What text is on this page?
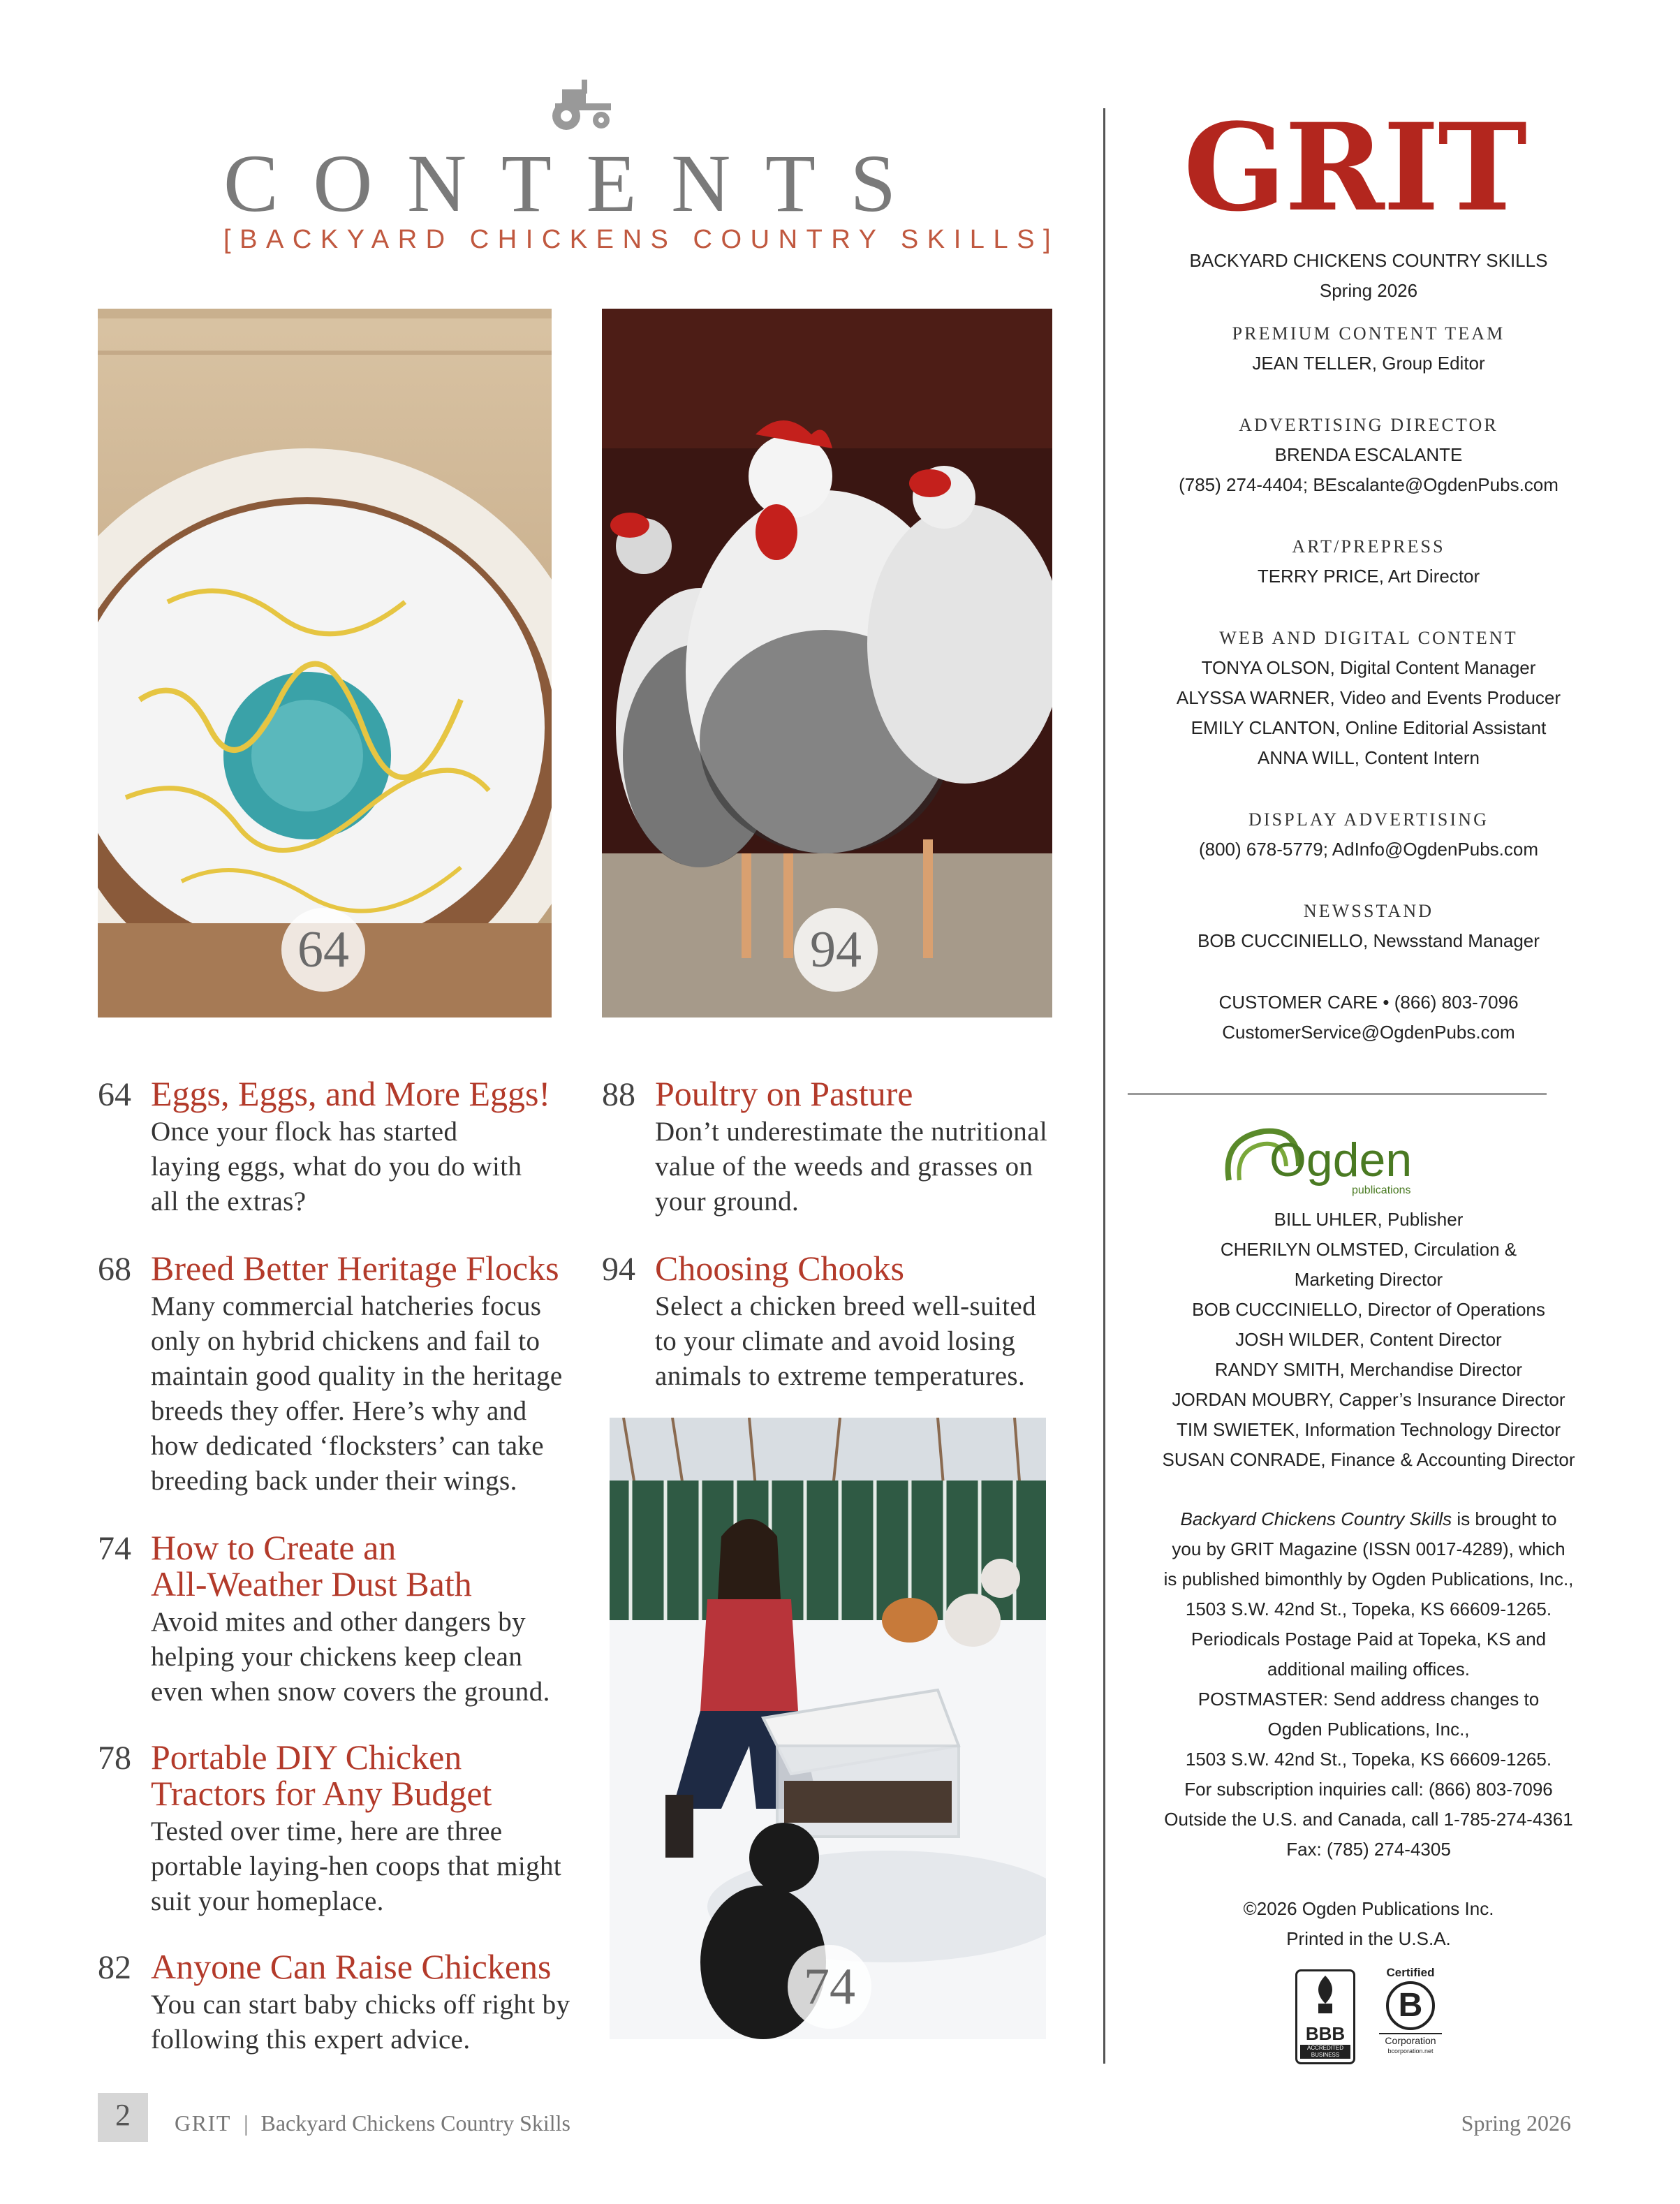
CONTENTS
[BACKYARD CHICKENS COUNTRY SKILLS]
64	94
74
64 Eggs, Eggs, and More Eggs!
Once your flock has started
laying eggs, what do you do with
all the extras?
68 Breed Better Heritage Flocks
Many commercial hatcheries focus
only on hybrid chickens and fail to
maintain good quality in the heritage
breeds they offer. Here’s why and
how dedicated ‘flocksters’ can take
breeding back under their wings.
74 How to Create an
All-Weather Dust Bath
Avoid mites and other dangers by
helping your chickens keep clean
even when snow covers the ground.
78 Portable DIY Chicken
Tractors for Any Budget
Tested over time, here are three
portable laying-hen coops that might
suit your homeplace.
82 Anyone Can Raise Chickens
You can start baby chicks off right by
following this expert advice.
88 Poultry on Pasture
Don’t underestimate the nutritional
value of the weeds and grasses on
your ground.
94 Choosing Chooks
Select a chicken breed well-suited
to your climate and avoid losing
animals to extreme temperatures.
GRIT
BACKYARD CHICKENS COUNTRY SKILLS
Spring 2026
PREMIUM CONTENT TEAM
JEAN TELLER, Group Editor
ADVERTISING DIRECTOR
BRENDA ESCALANTE
(785) 274-4404; BEscalante@OgdenPubs.com
ART/PREPRESS
TERRY PRICE, Art Director
WEB AND DIGITAL CONTENT
TONYA OLSON, Digital Content Manager
ALYSSA WARNER, Video and Events Producer
EMILY CLANTON, Online Editorial Assistant
ANNA WILL, Content Intern
DISPLAY ADVERTISING
(800) 678-5779; AdInfo@OgdenPubs.com
NEWSSTAND
BOB CUCCINIELLO, Newsstand Manager
CUSTOMER CARE • (866) 803-7096
CustomerService@OgdenPubs.com
Ogden
publications
BILL UHLER, Publisher
CHERILYN OLMSTED, Circulation &
Marketing Director
BOB CUCCINIELLO, Director of Operations
JOSH WILDER, Content Director
RANDY SMITH, Merchandise Director
JORDAN MOUBRY, Capper’s Insurance Director
TIM SWIETEK, Information Technology Director
SUSAN CONRADE, Finance & Accounting Director
Backyard Chickens Country Skills is brought to
you by GRIT Magazine (ISSN 0017-4289), which
is published bimonthly by Ogden Publications, Inc.,
1503 S.W. 42nd St., Topeka, KS 66609-1265.
Periodicals Postage Paid at Topeka, KS and
additional mailing offices.
POSTMASTER: Send address changes to
Ogden Publications, Inc.,
1503 S.W. 42nd St., Topeka, KS 66609-1265.
For subscription inquiries call: (866) 803-7096
Outside the U.S. and Canada, call 1-785-274-4361
Fax: (785) 274-4305
©2026 Ogden Publications Inc.
Printed in the U.S.A.
BBB
ACCREDITED BUSINESS
Certified
B
Corporation
bcorporation.net
2	GRIT | Backyard Chickens Country Skills	Spring 2026
